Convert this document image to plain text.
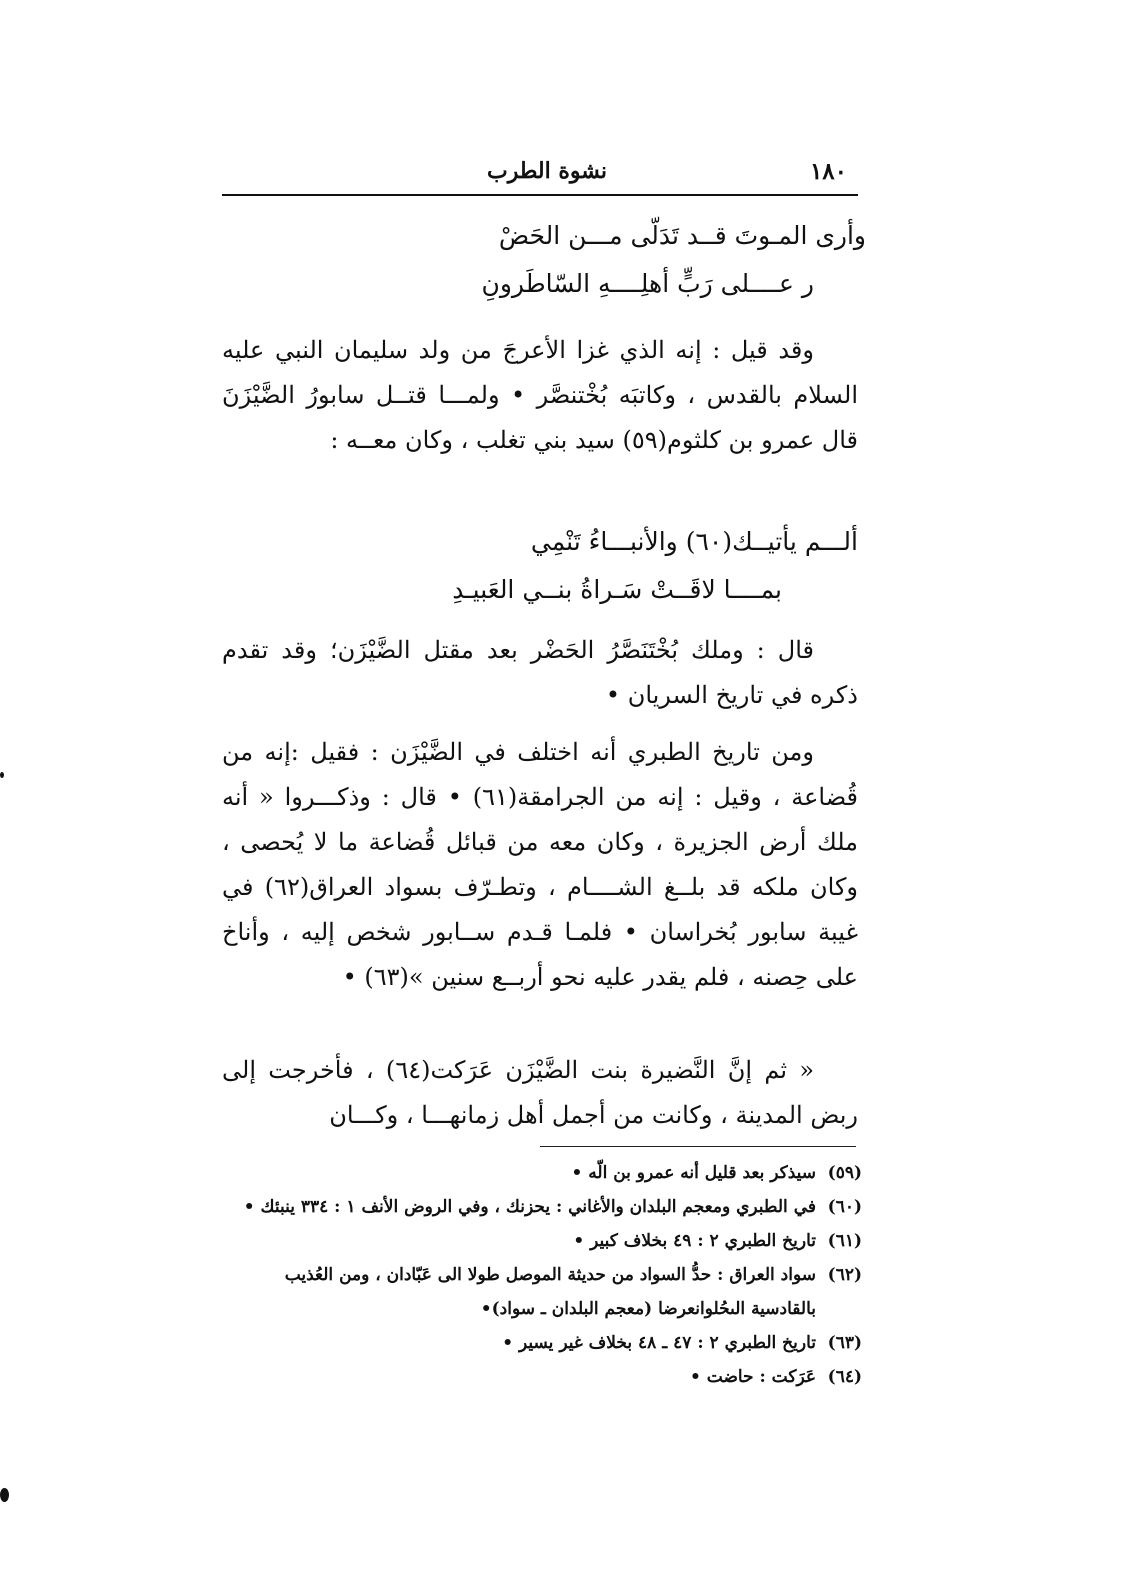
١٨٠
نشوة الطرب
وأرى المـوتَ قــد تَدَلّى مـــن الحَضْ
ر عــــلى رَبٍّ أهلِــــهِ السّاطَرونِ

وقد قيل : إنه الذي غزا الأعرجَ من ولد سليمان النبي عليه السلام بالقدس ، وكاتبَه بُخْتنصَّر • ولمـــا قتــل سابورُ الضَّيْزَنَ قال عمرو بن كلثوم(٥٩) سيد بني تغلب ، وكان معــه :

ألـــم يأتيــك(٦٠) والأنبـــاءُ تَنْمِي
بمــــا لاقَــتْ سَـراةُ بنــي العَبيـدِ

قال : وملك بُخْتَنَصَّرُ الحَضْر بعد مقتل الضَّيْزَن؛ وقد تقدم ذكره في تاريخ السريان •

ومن تاريخ الطبري أنه اختلف في الضَّيْزَن : فقيل :إنه من قُضاعة ، وقيل : إنه من الجرامقة(٦١) • قال : وذكـــروا « أنه ملك أرض الجزيرة ، وكان معه من قبائل قُضاعة ما لا يُحصى ، وكان ملكه قد بلــغ الشــــام ، وتطـرّف بسواد العراق(٦٢) في غيبة سابور بُخراسان • فلمـا قـدم ســابور شخص إليه ، وأناخ على حِصنه ، فلم يقدر عليه نحو أربــع سنين »(٦٣) •

« ثم إنَّ النَّضيرة بنت الضَّيْزَن عَرَكت(٦٤) ، فأخرجت إلى ربض المدينة ، وكانت من أجمل أهل زمانهـــا ، وكـــان

(٥٩)
سيذكر بعد قليل أنه عمرو بن الّه •
(٦٠)
في الطبري ومعجم البلدان والأغاني : يحزنك ، وفي الروض الأنف ١ : ٣٣٤ ينبئك •
(٦١)
تاريخ الطبري ٢ : ٤٩ بخلاف كبير •
(٦٢)
سواد العراق : حدُّ السواد من حديثة الموصل طولا الى عَبّادان ، ومن العُذيب بالقادسية الىحُلوانعرضا (معجم البلدان ـ سواد)•
(٦٣)
تاريخ الطبري ٢ : ٤٧ ـ ٤٨ بخلاف غير يسير •
(٦٤)
عَرَكت : حاضت •
